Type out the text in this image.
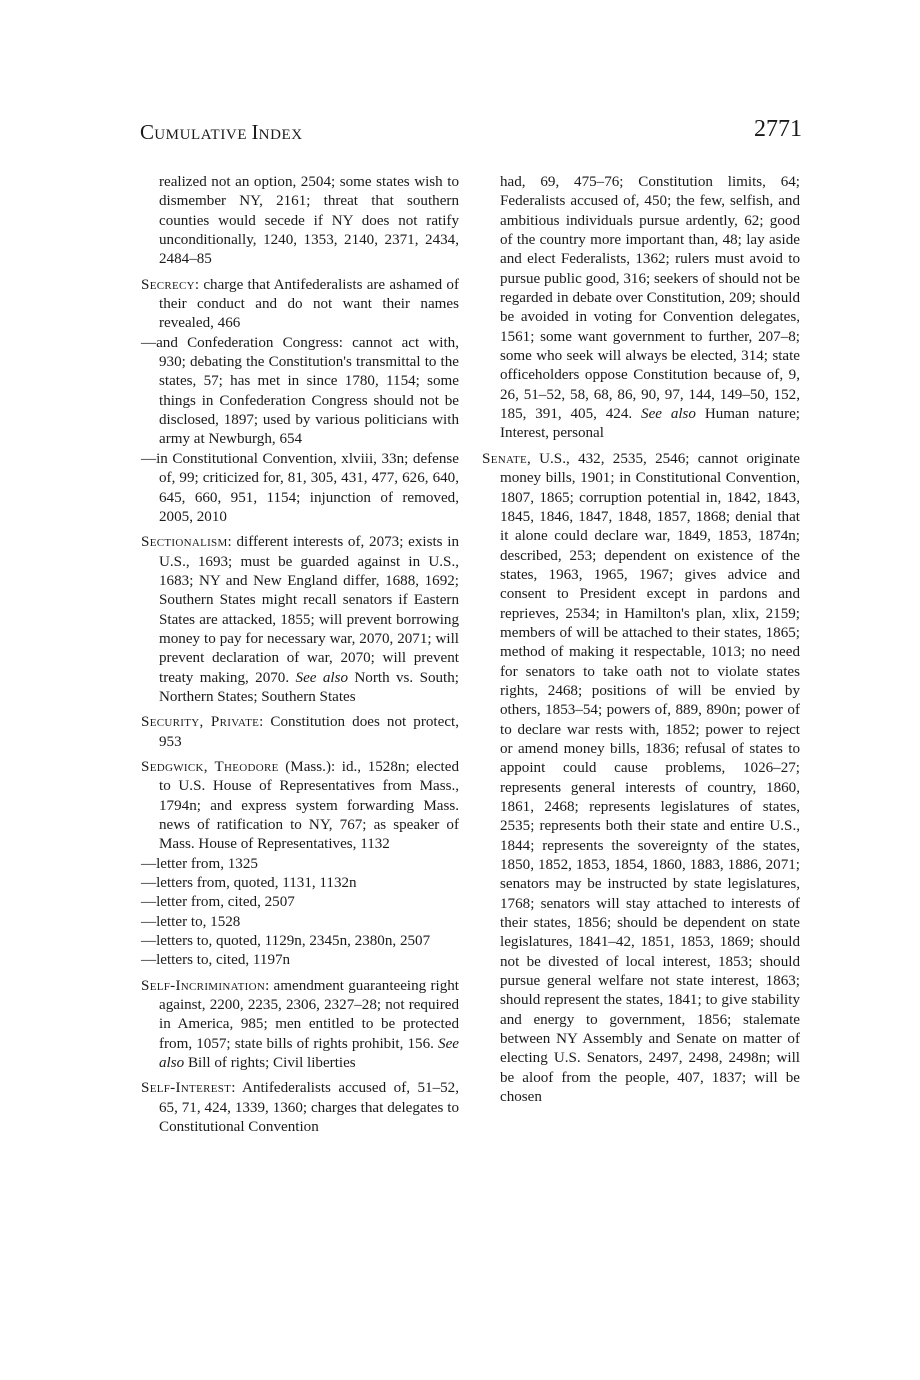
CUMULATIVE INDEX	2771

realized not an option, 2504; some states wish to dismember NY, 2161; threat that southern counties would secede if NY does not ratify unconditionally, 1240, 1353, 2140, 2371, 2434, 2484–85

Secrecy: charge that Antifederalists are ashamed of their conduct and do not want their names revealed, 466

—and Confederation Congress: cannot act with, 930; debating the Constitution's transmittal to the states, 57; has met in since 1780, 1154; some things in Confederation Congress should not be disclosed, 1897; used by various politicians with army at Newburgh, 654

—in Constitutional Convention, xlviii, 33n; defense of, 99; criticized for, 81, 305, 431, 477, 626, 640, 645, 660, 951, 1154; injunction of removed, 2005, 2010

Sectionalism: different interests of, 2073; exists in U.S., 1693; must be guarded against in U.S., 1683; NY and New England differ, 1688, 1692; Southern States might recall senators if Eastern States are attacked, 1855; will prevent borrowing money to pay for necessary war, 2070, 2071; will prevent declaration of war, 2070; will prevent treaty making, 2070. See also North vs. South; Northern States; Southern States

Security, Private: Constitution does not protect, 953

Sedgwick, Theodore (Mass.): id., 1528n; elected to U.S. House of Representatives from Mass., 1794n; and express system forwarding Mass. news of ratification to NY, 767; as speaker of Mass. House of Representatives, 1132

—letter from, 1325

—letters from, quoted, 1131, 1132n

—letter from, cited, 2507

—letter to, 1528

—letters to, quoted, 1129n, 2345n, 2380n, 2507

—letters to, cited, 1197n

Self-Incrimination: amendment guaranteeing right against, 2200, 2235, 2306, 2327–28; not required in America, 985; men entitled to be protected from, 1057; state bills of rights prohibit, 156. See also Bill of rights; Civil liberties

Self-Interest: Antifederalists accused of, 51–52, 65, 71, 424, 1339, 1360; charges that delegates to Constitutional Convention

had, 69, 475–76; Constitution limits, 64; Federalists accused of, 450; the few, selfish, and ambitious individuals pursue ardently, 62; good of the country more important than, 48; lay aside and elect Federalists, 1362; rulers must avoid to pursue public good, 316; seekers of should not be regarded in debate over Constitution, 209; should be avoided in voting for Convention delegates, 1561; some want government to further, 207–8; some who seek will always be elected, 314; state officeholders oppose Constitution because of, 9, 26, 51–52, 58, 68, 86, 90, 97, 144, 149–50, 152, 185, 391, 405, 424. See also Human nature; Interest, personal

Senate, U.S., 432, 2535, 2546; cannot originate money bills, 1901; in Constitutional Convention, 1807, 1865; corruption potential in, 1842, 1843, 1845, 1846, 1847, 1848, 1857, 1868; denial that it alone could declare war, 1849, 1853, 1874n; described, 253; dependent on existence of the states, 1963, 1965, 1967; gives advice and consent to President except in pardons and reprieves, 2534; in Hamilton's plan, xlix, 2159; members of will be attached to their states, 1865; method of making it respectable, 1013; no need for senators to take oath not to violate states rights, 2468; positions of will be envied by others, 1853–54; powers of, 889, 890n; power of to declare war rests with, 1852; power to reject or amend money bills, 1836; refusal of states to appoint could cause problems, 1026–27; represents general interests of country, 1860, 1861, 2468; represents legislatures of states, 2535; represents both their state and entire U.S., 1844; represents the sovereignty of the states, 1850, 1852, 1853, 1854, 1860, 1883, 1886, 2071; senators may be instructed by state legislatures, 1768; senators will stay attached to interests of their states, 1856; should be dependent on state legislatures, 1841–42, 1851, 1853, 1869; should not be divested of local interest, 1853; should pursue general welfare not state interest, 1863; should represent the states, 1841; to give stability and energy to government, 1856; stalemate between NY Assembly and Senate on matter of electing U.S. Senators, 2497, 2498, 2498n; will be aloof from the people, 407, 1837; will be chosen
